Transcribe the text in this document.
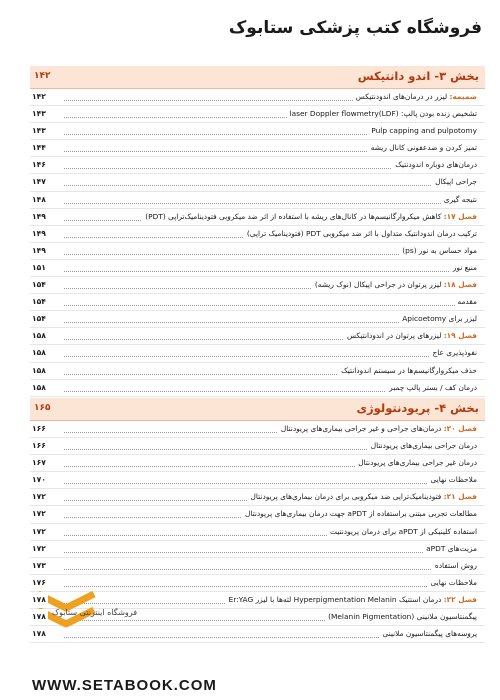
فروشگاه کتب پزشکی ستابوک
بخش ۳- اندو دانتیکس
۱۴۲
ضمیمه: لیزر در درمان‌های اندودنتیکس
۱۴۲
تشخیص زنده بودن پالپ: laser Doppler flowmetry(LDF)
۱۴۳
Pulp capping and pulpotomy
۱۴۳
تمیز کردن و ضدعفونی کانال ریشه
۱۴۴
درمان‌های دوباره اندودنتیک
۱۴۶
جراحی اپیکال
۱۴۷
نتیجه گیری
۱۴۸
فصل ۱۷: کاهش میکروارگانیسم‌ها در کانال‌های ریشه با استفاده از اثر ضد میکروبی فتودینامیک‌تراپی (PDT)
۱۴۹
ترکیب درمان اندودانتیک متداول با اثر ضد میکروبی PDT (فتودینامیک تراپی)
۱۴۹
مواد حساس به نور (ps)
۱۴۹
منبع نور
۱۵۱
فصل ۱۸: لیزر پرتوان در جراحی اپیکال (نوک ریشه)
۱۵۴
مقدمه
۱۵۴
لیزر برای Apicoetomy
۱۵۴
فصل ۱۹: لیزرهای پرتوان در اندودانتیکس
۱۵۸
نفوذپذیری عاج
۱۵۸
حذف میکروارگانیسم‌ها در سیستم اندودانتیک
۱۵۸
درمان کف / بستر پالپ چمبر
۱۵۸
بخش ۴- پریودنتولوژی
۱۶۵
فصل ۲۰: درمان‌های جراحی و غیر جراحی بیماری‌های پریودنتال
۱۶۶
درمان جراحی بیماری‌های پریودنتال
۱۶۶
درمان غیر جراحی بیماری‌های پریودنتال
۱۶۷
ملاحظات نهایی
۱۷۰
فصل ۲۱: فتودینامیک‌تراپی ضد میکروبی برای درمان بیماری‌های پریودنتال
۱۷۲
مطالعات تجربی مبتنی براستفاده از aPDT جهت درمان بیماری‌های پریودنتال
۱۷۲
استفاده کلینیکی از aPDT برای درمان پریودنتیت
۱۷۲
مزیت‌های aPDT
۱۷۲
روش استفاده
۱۷۳
ملاحظات نهایی
۱۷۶
فصل ۲۲: درمان استتیک Hyperpigmentation Melanin لثه‌ها با لیزر Er:YAG
۱۷۸
پیگمنتاسیون ملانینی (Melanin Pigmentation)
۱۷۸
پروسه‌های پیگمنتاسیون ملانینی
۱۷۸
فروشگاه اینترنتی ستابوک
WWW.SETABOOK.COM
